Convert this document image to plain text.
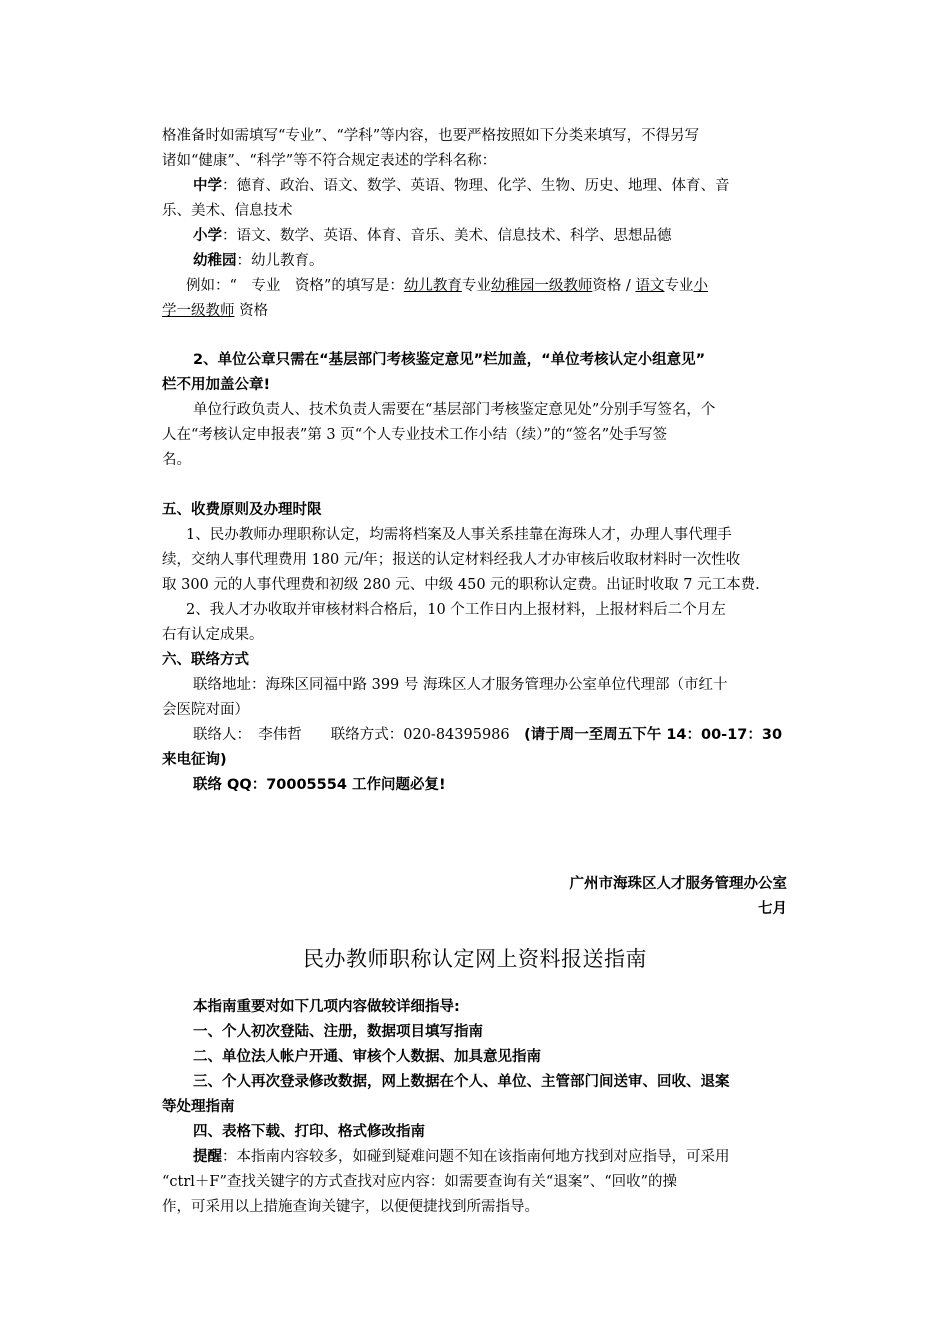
格准备时如需填写“专业”、“学科”等内容，也要严格按照如下分类来填写，不得另写

诸如“健康”、“科学”等不符合规定表述的学科名称：

中学：德育、政治、语文、数学、英语、物理、化学、生物、历史、地理、体育、音

乐、美术、信息技术

小学：语文、数学、英语、体育、音乐、美术、信息技术、科学、思想品德

幼稚园：幼儿教育。

例如：“　专业　资格”的填写是：幼儿教育专业幼稚园一级教师资格 / 语文专业小

学一级教师 资格

2、单位公章只需在“基层部门考核鉴定意见”栏加盖，“单位考核认定小组意见”

栏不用加盖公章!

单位行政负责人、技术负责人需要在“基层部门考核鉴定意见处”分别手写签名，个

人在“考核认定申报表”第 3 页“个人专业技术工作小结（续）”的“签名”处手写签

名。

五、收费原则及办理时限

1、民办教师办理职称认定，均需将档案及人事关系挂靠在海珠人才，办理人事代理手

续，交纳人事代理费用 180 元/年；报送的认定材料经我人才办审核后收取材料时一次性收

取 300 元的人事代理费和初级 280 元、中级 450 元的职称认定费。出证时收取 7 元工本费.

2、我人才办收取并审核材料合格后，10 个工作日内上报材料，上报材料后二个月左

右有认定成果。

六、联络方式

联络地址：海珠区同福中路 399 号 海珠区人才服务管理办公室单位代理部（市红十

会医院对面）

联络人：　李伟哲　　联络方式：020-84395986　(请于周一至周五下午 14：00-17：30

来电征询)

联络 QQ：70005554 工作问题必复!

广州市海珠区人才服务管理办公室

七月

民办教师职称认定网上资料报送指南

本指南重要对如下几项内容做较详细指导:

一、个人初次登陆、注册，数据项目填写指南

二、单位法人帐户开通、审核个人数据、加具意见指南

三、个人再次登录修改数据，网上数据在个人、单位、主管部门间送审、回收、退案

等处理指南

四、表格下载、打印、格式修改指南

提醒：本指南内容较多，如碰到疑难问题不知在该指南何地方找到对应指导，可采用

“ctrl＋F”查找关键字的方式查找对应内容：如需要查询有关“退案”、“回收”的操

作，可采用以上措施查询关键字，以便便捷找到所需指导。
